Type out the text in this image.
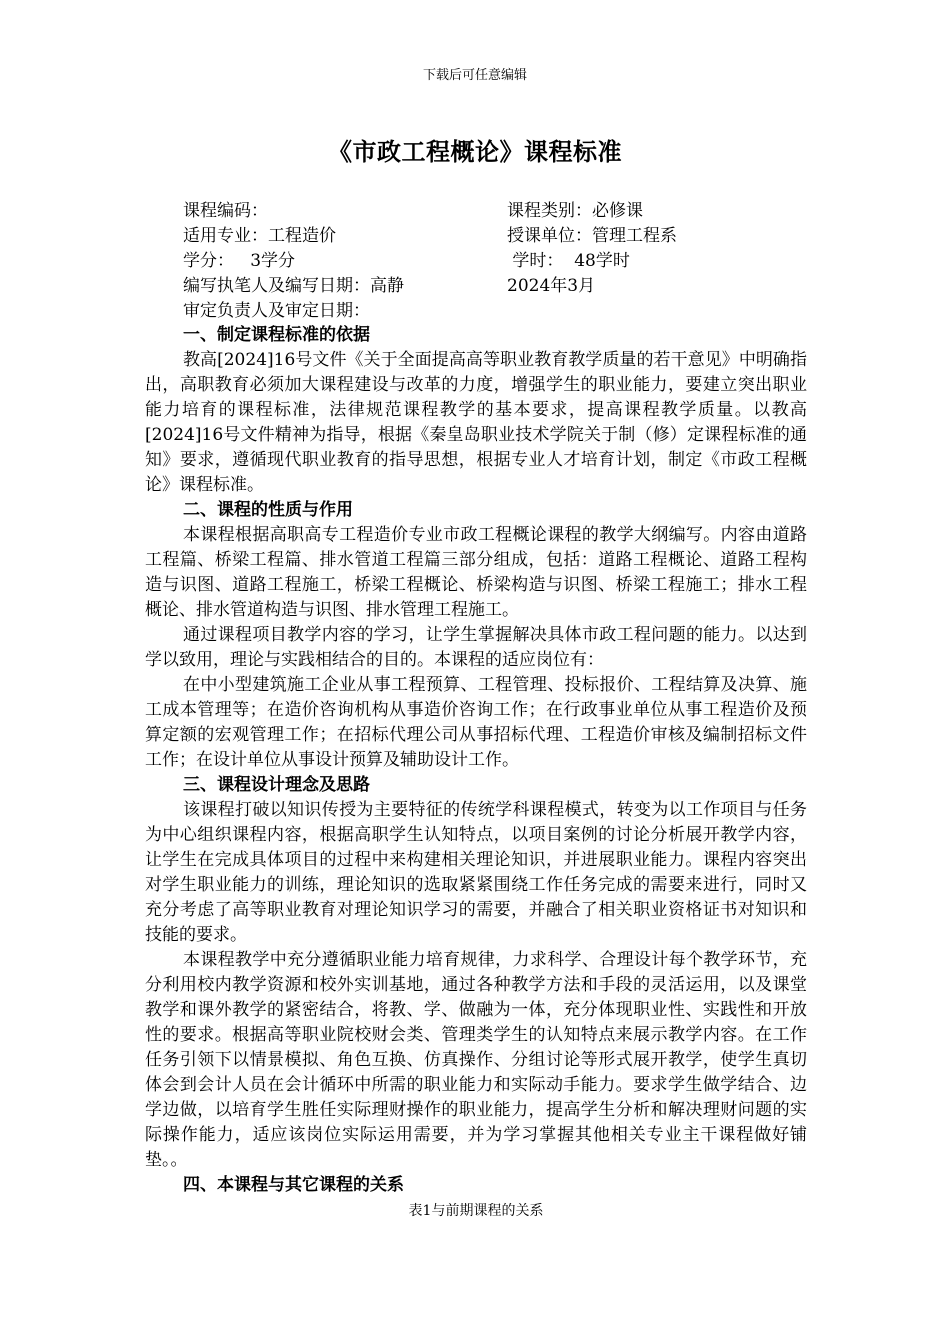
下载后可任意编辑
《市政工程概论》课程标准
课程编码：	课程类别：必修课
适用专业：工程造价	授课单位：管理工程系
学分：   3学分	学时：  48学时
编写执笔人及编写日期：高静	2024年3月
审定负责人及审定日期：
一、制定课程标准的依据

教高[2024]16号文件《关于全面提高高等职业教育教学质量的若干意见》中明确指出，高职教育必须加大课程建设与改革的力度，增强学生的职业能力，要建立突出职业能力培育的课程标准，法律规范课程教学的基本要求，提高课程教学质量。以教高[2024]16号文件精神为指导，根据《秦皇岛职业技术学院关于制（修）定课程标准的通知》要求，遵循现代职业教育的指导思想，根据专业人才培育计划，制定《市政工程概论》课程标准。

二、课程的性质与作用

本课程根据高职高专工程造价专业市政工程概论课程的教学大纲编写。内容由道路工程篇、桥梁工程篇、排水管道工程篇三部分组成，包括：道路工程概论、道路工程构造与识图、道路工程施工，桥梁工程概论、桥梁构造与识图、桥梁工程施工；排水工程概论、排水管道构造与识图、排水管理工程施工。

通过课程项目教学内容的学习，让学生掌握解决具体市政工程问题的能力。以达到学以致用，理论与实践相结合的目的。本课程的适应岗位有：

在中小型建筑施工企业从事工程预算、工程管理、投标报价、工程结算及决算、施工成本管理等；在造价咨询机构从事造价咨询工作；在行政事业单位从事工程造价及预算定额的宏观管理工作；在招标代理公司从事招标代理、工程造价审核及编制招标文件工作；在设计单位从事设计预算及辅助设计工作。

三、课程设计理念及思路

该课程打破以知识传授为主要特征的传统学科课程模式，转变为以工作项目与任务为中心组织课程内容，根据高职学生认知特点，以项目案例的讨论分析展开教学内容，让学生在完成具体项目的过程中来构建相关理论知识，并进展职业能力。课程内容突出对学生职业能力的训练，理论知识的选取紧紧围绕工作任务完成的需要来进行，同时又充分考虑了高等职业教育对理论知识学习的需要，并融合了相关职业资格证书对知识和技能的要求。

本课程教学中充分遵循职业能力培育规律，力求科学、合理设计每个教学环节，充分利用校内教学资源和校外实训基地，通过各种教学方法和手段的灵活运用，以及课堂教学和课外教学的紧密结合，将教、学、做融为一体，充分体现职业性、实践性和开放性的要求。根据高等职业院校财会类、管理类学生的认知特点来展示教学内容。在工作任务引领下以情景模拟、角色互换、仿真操作、分组讨论等形式展开教学，使学生真切体会到会计人员在会计循环中所需的职业能力和实际动手能力。要求学生做学结合、边学边做，以培育学生胜任实际理财操作的职业能力，提高学生分析和解决理财问题的实际操作能力，适应该岗位实际运用需要，并为学习掌握其他相关专业主干课程做好铺垫。。

四、本课程与其它课程的关系
表1与前期课程的关系
